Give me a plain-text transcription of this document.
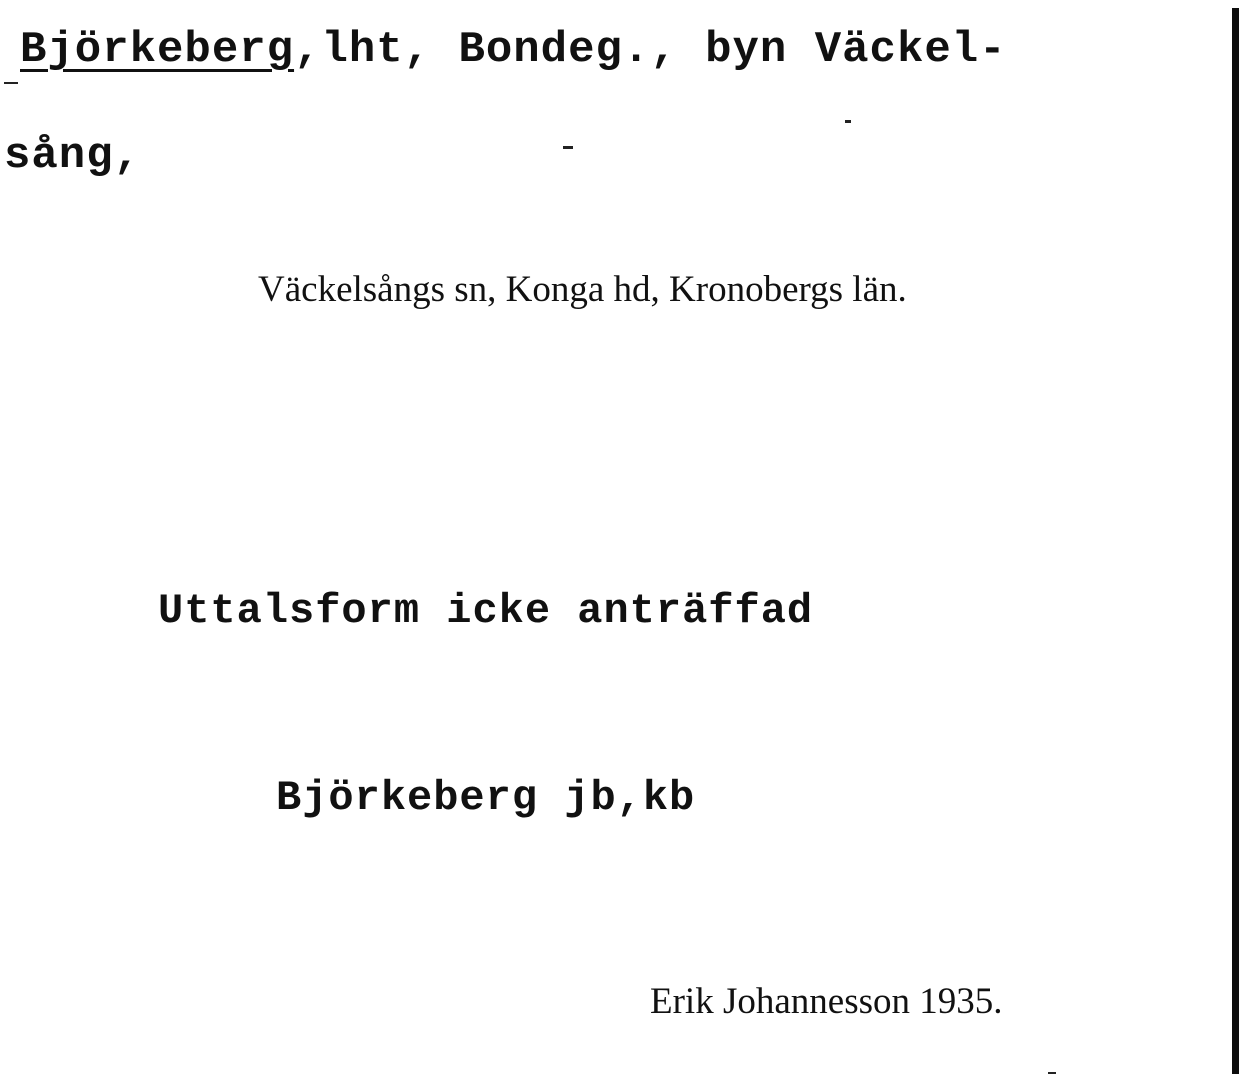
Björkeberg,lht, Bondeg., byn Väckel-
sång,
Väckelsångs sn, Konga hd, Kronobergs län.
Uttalsform icke anträffad
Björkeberg jb,kb
Erik Johannesson 1935.
